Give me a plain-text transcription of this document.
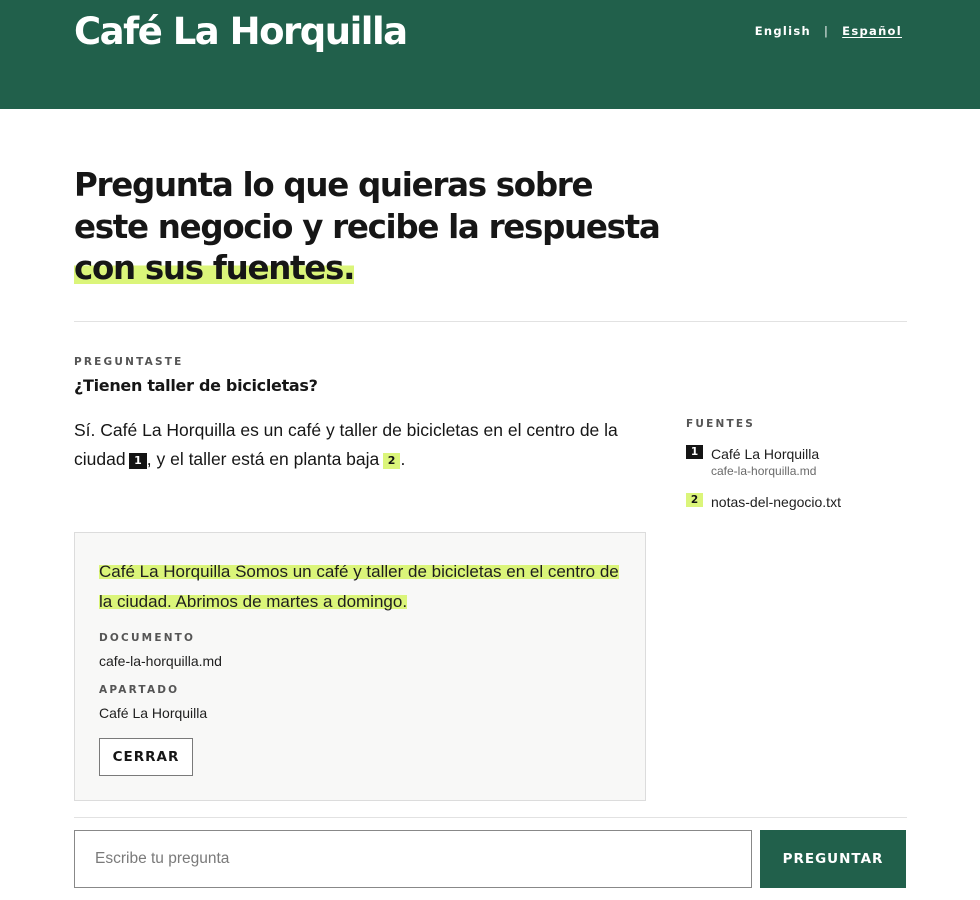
Café La Horquilla	English | Español
Pregunta lo que quieras sobre este negocio y recibe la respuesta con sus fuentes.
PREGUNTASTE
¿Tienen taller de bicicletas?

Sí. Café La Horquilla es un café y taller de bicicletas en el centro de la ciudad  1 , y el taller está en planta baja  2 .

Café La Horquilla Somos un café y taller de bicicletas en el centro de la ciudad. Abrimos de martes a domingo.

DOCUMENTO
cafe-la-horquilla.md
APARTADO
Café La Horquilla
CERRAR
FUENTES
1 Café La Horquilla
cafe-la-horquilla.md
2 notas-del-negocio.txt
Escribe tu pregunta
PREGUNTAR
